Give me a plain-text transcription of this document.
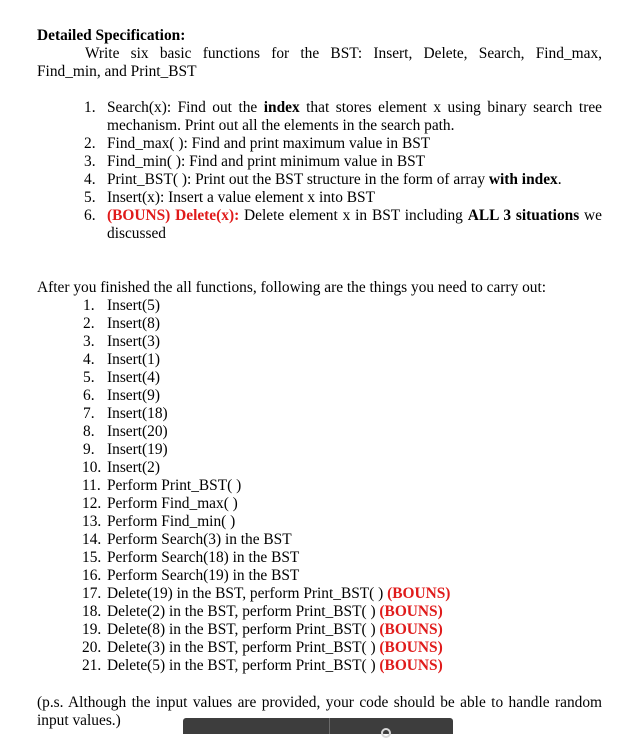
Detailed Specification:
Write six basic functions for the BST: Insert, Delete, Search, Find_max,
Find_min, and Print_BST
1. Search(x): Find out the index that stores element x using binary search tree mechanism. Print out all the elements in the search path.
2. Find_max( ): Find and print maximum value in BST
3. Find_min( ): Find and print minimum value in BST
4. Print_BST( ): Print out the BST structure in the form of array with index.
5. Insert(x): Insert a value element x into BST
6. (BOUNS) Delete(x): Delete element x in BST including ALL 3 situations we discussed
After you finished the all functions, following are the things you need to carry out:
1. Insert(5)
2. Insert(8)
3. Insert(3)
4. Insert(1)
5. Insert(4)
6. Insert(9)
7. Insert(18)
8. Insert(20)
9. Insert(19)
10. Insert(2)
11. Perform Print_BST( )
12. Perform Find_max( )
13. Perform Find_min( )
14. Perform Search(3) in the BST
15. Perform Search(18) in the BST
16. Perform Search(19) in the BST
17. Delete(19) in the BST, perform Print_BST( ) (BOUNS)
18. Delete(2) in the BST, perform Print_BST( ) (BOUNS)
19. Delete(8) in the BST, perform Print_BST( ) (BOUNS)
20. Delete(3) in the BST, perform Print_BST( ) (BOUNS)
21. Delete(5) in the BST, perform Print_BST( ) (BOUNS)
(p.s. Although the input values are provided, your code should be able to handle random
input values.)
